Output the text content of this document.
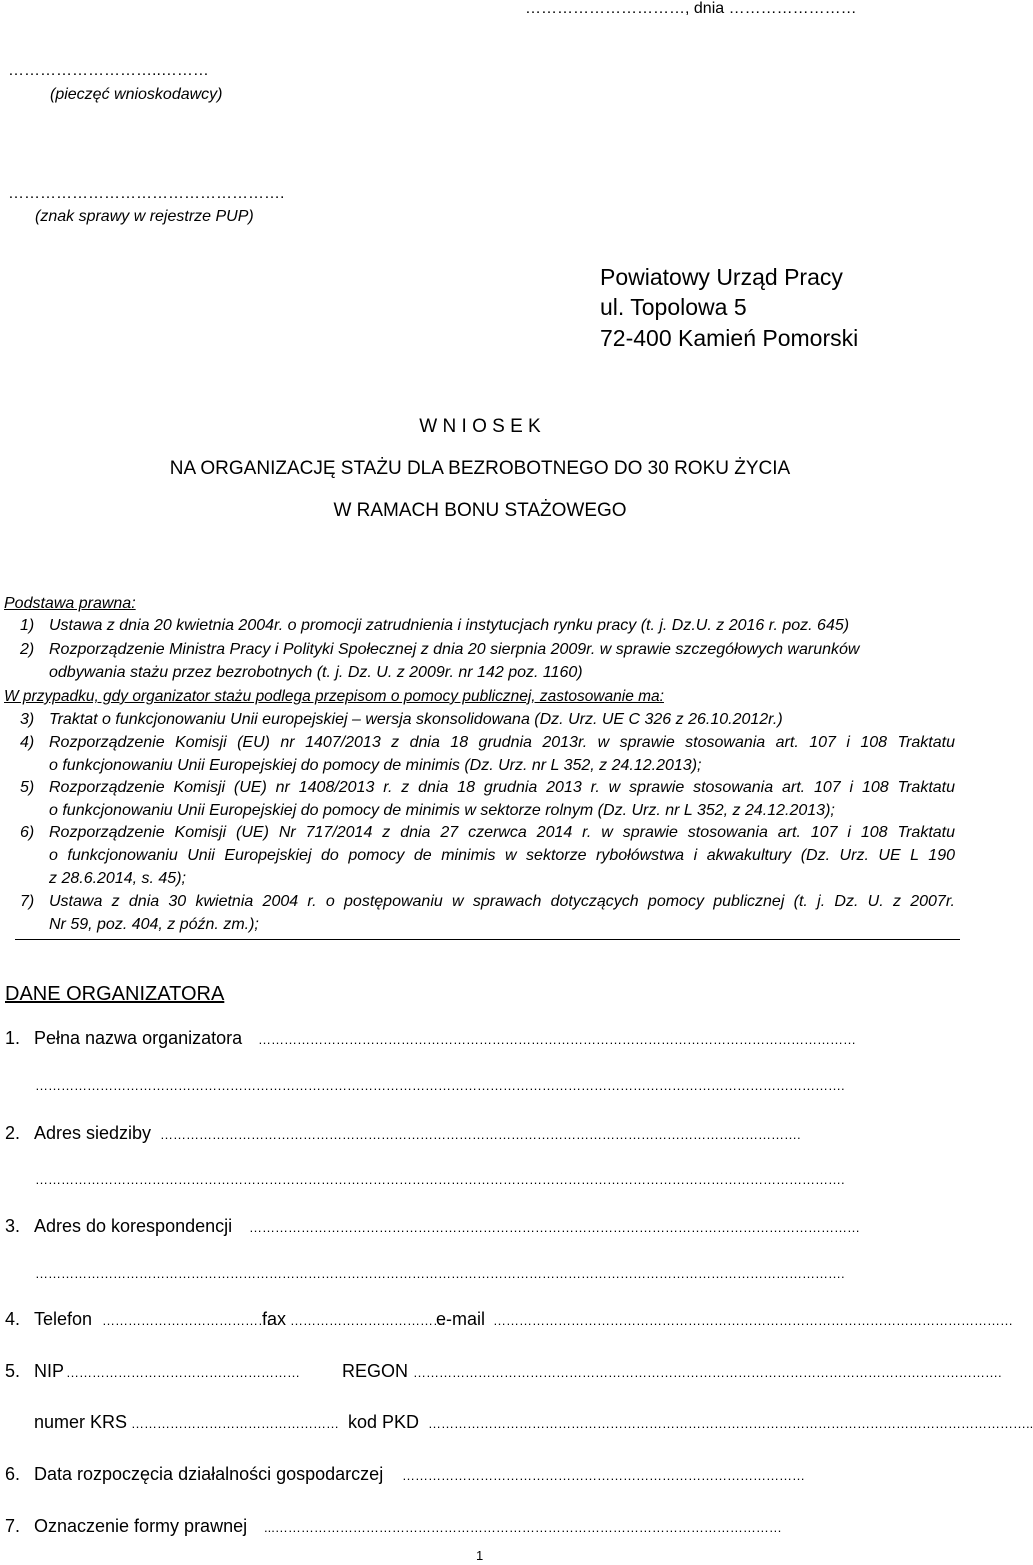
…………………………, dnia ……………………
………………………..………
(pieczęć wnioskodawcy)
…………………………………………….
(znak sprawy w rejestrze PUP)
Powiatowy Urząd Pracy
ul. Topolowa 5
72-400 Kamień Pomorski
W N I O S E K
NA ORGANIZACJĘ STAŻU DLA BEZROBOTNEGO DO 30 ROKU ŻYCIA
W RAMACH BONU STAŻOWEGO
Podstawa prawna:
1) Ustawa z dnia 20 kwietnia 2004r. o promocji zatrudnienia i instytucjach rynku pracy (t. j. Dz.U. z 2016 r. poz. 645)
2) Rozporządzenie Ministra Pracy i Polityki Społecznej z dnia 20 sierpnia 2009r. w sprawie szczegółowych warunków
odbywania stażu przez bezrobotnych (t. j. Dz. U. z 2009r. nr 142 poz. 1160)
W przypadku, gdy organizator stażu podlega przepisom o pomocy publicznej, zastosowanie ma:
3) Traktat o funkcjonowaniu Unii europejskiej – wersja skonsolidowana (Dz. Urz. UE C 326 z 26.10.2012r.)
4) Rozporządzenie Komisji (EU) nr 1407/2013 z dnia 18 grudnia 2013r. w sprawie stosowania art. 107 i 108 Traktatu
o funkcjonowaniu Unii Europejskiej do pomocy de minimis (Dz. Urz. nr L 352, z 24.12.2013);
5) Rozporządzenie Komisji (UE) nr 1408/2013 r. z dnia 18 grudnia 2013 r. w sprawie stosowania art. 107 i 108 Traktatu
o funkcjonowaniu Unii Europejskiej do pomocy de minimis w sektorze rolnym (Dz. Urz. nr L 352, z 24.12.2013);
6) Rozporządzenie Komisji (UE) Nr 717/2014 z dnia 27 czerwca 2014 r. w sprawie stosowania art. 107 i 108 Traktatu
o funkcjonowaniu Unii Europejskiej do pomocy de minimis w sektorze rybołówstwa i akwakultury (Dz. Urz. UE L 190
z 28.6.2014, s. 45);
7) Ustawa z dnia 30 kwietnia 2004 r. o postępowaniu w sprawach dotyczących pomocy publicznej (t. j. Dz. U. z 2007r.
Nr 59, poz. 404, z późn. zm.);
DANE ORGANIZATORA
1. Pełna nazwa organizatora …………………………………………………………………………………………………………………………
…………………………………………………………………………………………………………………………………………………………………….
2. Adres siedziby ………………………………………………………………………………………………………………………………….
…………………………………………………………………………………………………………………………………………………………………….
3. Adres do korespondencji ……………………………………………………………………………………………………………………………
…………………………………………………………………………………………………………………………………………………………………….
4. Telefon …………………………………
fax ………………………………
e-mail …………………………………………………………………………………………………………
5. NIP ………………………………………………	REGON ……………………………………………………………………………………………………………………….
numer KRS ………………………………………… kod PKD …………………………………………………………………………………………………………………………..
6. Data rozpoczęcia działalności gospodarczej …………………………………………………………………………………
7. Oznaczenie formy prawnej ...………………………………………………………………………………………………………
1
